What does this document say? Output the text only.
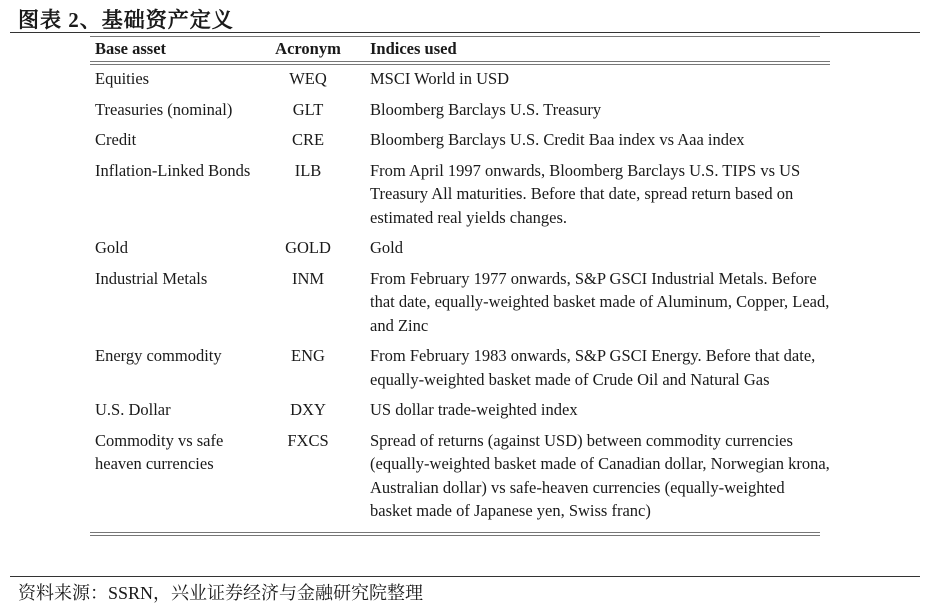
图表 2、基础资产定义
Base asset	Acronym	Indices used

Equities	WEQ	MSCI World in USD
Treasuries (nominal)	GLT	Bloomberg Barclays U.S. Treasury
Credit	CRE	Bloomberg Barclays U.S. Credit Baa index vs Aaa index
Inflation-Linked Bonds	ILB	From April 1997 onwards, Bloomberg Barclays U.S. TIPS vs US Treasury All maturities. Before that date, spread return based on estimated real yields changes.
Gold	GOLD	Gold
Industrial Metals	INM	From February 1977 onwards, S&P GSCI Industrial Metals. Before that date, equally-weighted basket made of Aluminum, Copper, Lead, and Zinc
Energy commodity	ENG	From February 1983 onwards, S&P GSCI Energy. Before that date, equally-weighted basket made of Crude Oil and Natural Gas
U.S. Dollar	DXY	US dollar trade-weighted index
Commodity vs safe heaven currencies	FXCS	Spread of returns (against USD) between commodity currencies (equally-weighted basket made of Canadian dollar, Norwegian krona, Australian dollar) vs safe-heaven currencies (equally-weighted basket made of Japanese yen, Swiss franc)
资料来源：SSRN，兴业证券经济与金融研究院整理
